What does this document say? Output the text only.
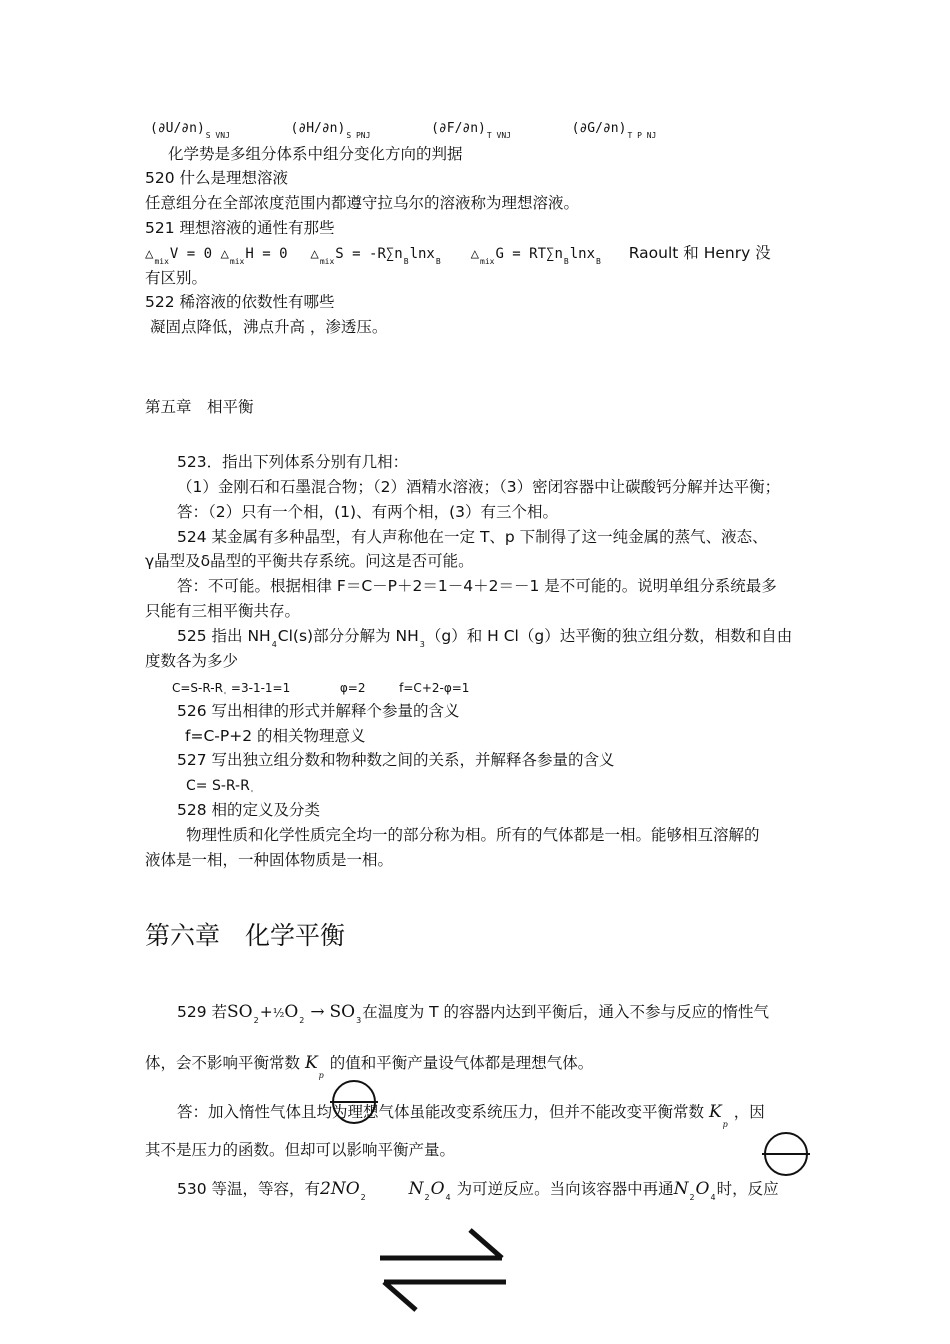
$(\partial U/\partial n)_{S VNJ}$	$(\partial H/\partial n)_{S PNJ}$	$(\partial F/\partial n)_{T VNJ}$	$(\partial G/\partial n)_{T P NJ}$
化学势是多组分体系中组分变化方向的判据
520 什么是理想溶液
任意组分在全部浓度范围内都遵守拉乌尔的溶液称为理想溶液。
521 理想溶液的通性有那些
$\triangle_{mix}V = 0$ $\triangle_{mix}H = 0$ $\triangle_{mix}S = -R\sum n_B\ln x_B$ $\triangle_{mix}G = RT\sum n_B\ln x_B$ Raoult 和 Henry 没
有区别。
522 稀溶液的依数性有哪些
凝固点降低，沸点升高 ，渗透压。
第五章　相平衡
523．指出下列体系分别有几相：
（1）金刚石和石墨混合物；（2）酒精水溶液；（3）密闭容器中让碳酸钙分解并达平衡；
答：（2）只有一个相，(1)、有两个相，(3）有三个相。
524 某金属有多种晶型，有人声称他在一定 T、p 下制得了这一纯金属的蒸气、液态、
γ晶型及δ晶型的平衡共存系统。问这是否可能。
答：不可能。根据相律 F＝C－P＋2＝1－4＋2＝－1 是不可能的。说明单组分系统最多
只能有三相平衡共存。
525 指出 $NH_4Cl(s)$部分分解为 $NH_3(g)$和 H Cl（g）达平衡的独立组分数，相数和自由
度数各为多少
$C=S-R-R' =3-1-1=1$	φ=2	f=C+2-φ=1
526 写出相律的形式并解释个参量的含义
f=C-P+2 的相关物理意义
527 写出独立组分数和物种数之间的关系，并解释各参量的含义
$C= S-R-R'$
528 相的定义及分类
物理性质和化学性质完全均一的部分称为相。所有的气体都是一相。能够相互溶解的
液体是一相，一种固体物质是一相。
第六章　化学平衡
529 若$SO_2+\frac{1}{2}O_2 \to SO_3$在温度为 T 的容器内达到平衡后，通入不参与反应的惰性气
体，会不影响平衡常数 $K_p$ 的值和平衡产量设气体都是理想气体。
答：加入惰性气体且均为理想气体虽能改变系统压力，但并不能改变平衡常数 $K_p$ ，因
其不是压力的函数。但却可以影响平衡产量。
530 等温，等容，有$2NO_2$	$N_2O_4$ 为可逆反应。当向该容器中再通$N_2O_4$时，反应
